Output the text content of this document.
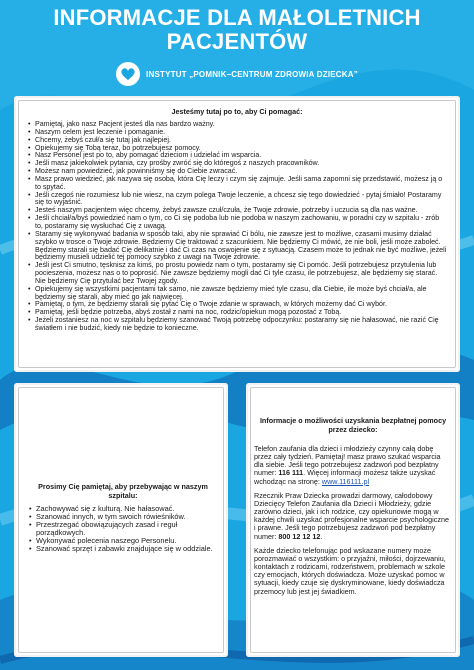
INFORMACJE DLA MAŁOLETNICH
PACJENTÓW
INSTYTUT „POMNIK–CENTRUM ZDROWIA DZIECKA”
Jesteśmy tutaj po to, aby Ci pomagać:
• Pamiętaj, jako nasz Pacjent jesteś dla nas bardzo ważny.
• Naszym celem jest leczenie i pomaganie.
• Chcemy, żebyś czuł/a się tutaj jak najlepiej.
• Opiekujemy się Tobą teraz, bo potrzebujesz pomocy.
• Nasz Personel jest po to, aby pomagać dzieciom i udzielać im wsparcia.
• Jeśli masz jakiekolwiek pytania, czy prośby zwróć się do któregoś z naszych pracowników.
• Możesz nam powiedzieć, jak powinniśmy się do Ciebie zwracać.
• Masz prawo wiedzieć, jak nazywa się osoba, która Cię leczy i czym się zajmuje. Jeśli sama zapomni się przedstawić, możesz ją o to spytać.
• Jeśli czegoś nie rozumiesz lub nie wiesz, na czym polega Twoje leczenie, a chcesz się tego dowiedzieć - pytaj śmiało! Postaramy się to wyjaśnić.
• Jesteś naszym pacjentem więc chcemy, żebyś zawsze czuł/czuła, że Twoje zdrowie, potrzeby i uczucia są dla nas ważne.
• Jeśli chciał/a/byś powiedzieć nam o tym, co Ci się podoba lub nie podoba w naszym zachowaniu, w poradni czy w szpitalu - zrób to, postaramy się wysłuchać Cię z uwagą.
• Staramy się wykonywać badania w sposób taki, aby nie sprawiać Ci bólu, nie zawsze jest to możliwe, czasami musimy działać szybko w trosce o Twoje zdrowie. Będziemy Cię traktować z szacunkiem. Nie będziemy Ci mówić, że nie boli, jeśli może zaboleć. Będziemy starali się badać Cię delikatnie i dać Ci czas na oswojenie się z sytuacją. Czasem może to jednak nie być możliwe, jeżeli będziemy musieli udzielić tej pomocy szybko z uwagi na Twoje zdrowie.
• Jeśli jest Ci smutno, tęsknisz za kimś, po prostu powiedz nam o tym, postaramy się Ci pomóc. Jeśli potrzebujesz przytulenia lub pocieszenia, możesz nas o to poprosić. Nie zawsze będziemy mogli dać Ci tyle czasu, ile potrzebujesz, ale będziemy się starać. Nie będziemy Cię przytulać bez Twojej zgody.
• Opiekujemy się wszystkimi pacjentami tak samo, nie zawsze będziemy mieć tyle czasu, dla Ciebie, ile może byś chciał/a, ale będziemy się starali, aby mieć go jak najwięcej.
• Pamiętaj, o tym, że będziemy starali się pytać Cię o Twoje zdanie w sprawach, w których możemy dać Ci wybór.
• Pamiętaj, jeśli będzie potrzeba, abyś został z nami na noc, rodzic/opiekun mogą pozostać z Tobą.
• Jeżeli zostaniesz na noc w szpitalu będziemy szanować Twoją potrzebę odpoczynku: postaramy się nie hałasować, nie razić Cię światłem i nie budzić, kiedy nie będzie to konieczne.
Prosimy Cię pamiętaj, aby przebywając w naszym szpitalu:
• Zachowywać się z kulturą. Nie hałasować.
• Szanować innych, w tym swoich rówieśników.
• Przestrzegać obowiązujących zasad i reguł porządkowych.
• Wykonywać polecenia naszego Personelu.
• Szanować sprzęt i zabawki znajdujące się w oddziale.
Informacje o możliwości uzyskania bezpłatnej pomocy przez dziecko:

Telefon zaufania dla dzieci i młodzieży czynny całą dobę przez cały tydzień. Pamiętaj! masz prawo szukać wsparcia dla siebie. Jeśli tego potrzebujesz zadzwoń pod bezpłatny numer: 116 111. Więcej informacji możesz także uzyskać wchodząc na stronę: www.116111.pl

Rzecznik Praw Dziecka prowadzi darmowy, całodobowy Dziecięcy Telefon Zaufania dla Dzieci i Młodzieży, gdzie zarówno dzieci, jak i ich rodzice, czy opiekunowie mogą w każdej chwili uzyskać profesjonalne wsparcie psychologiczne i prawne. Jeśli tego potrzebujesz zadzwoń pod bezpłatny numer: 800 12 12 12.

Każde dziecko telefonując pod wskazane numery może porozmawiać o wszystkim: o przyjaźni, miłości, dojrzewaniu, kontaktach z rodzicami, rodzeństwem, problemach w szkole czy emocjach, których doświadcza. Może uzyskać pomoc w sytuacji, kiedy czuje się dyskryminowane, kiedy doświadcza przemocy lub jest jej świadkiem.
